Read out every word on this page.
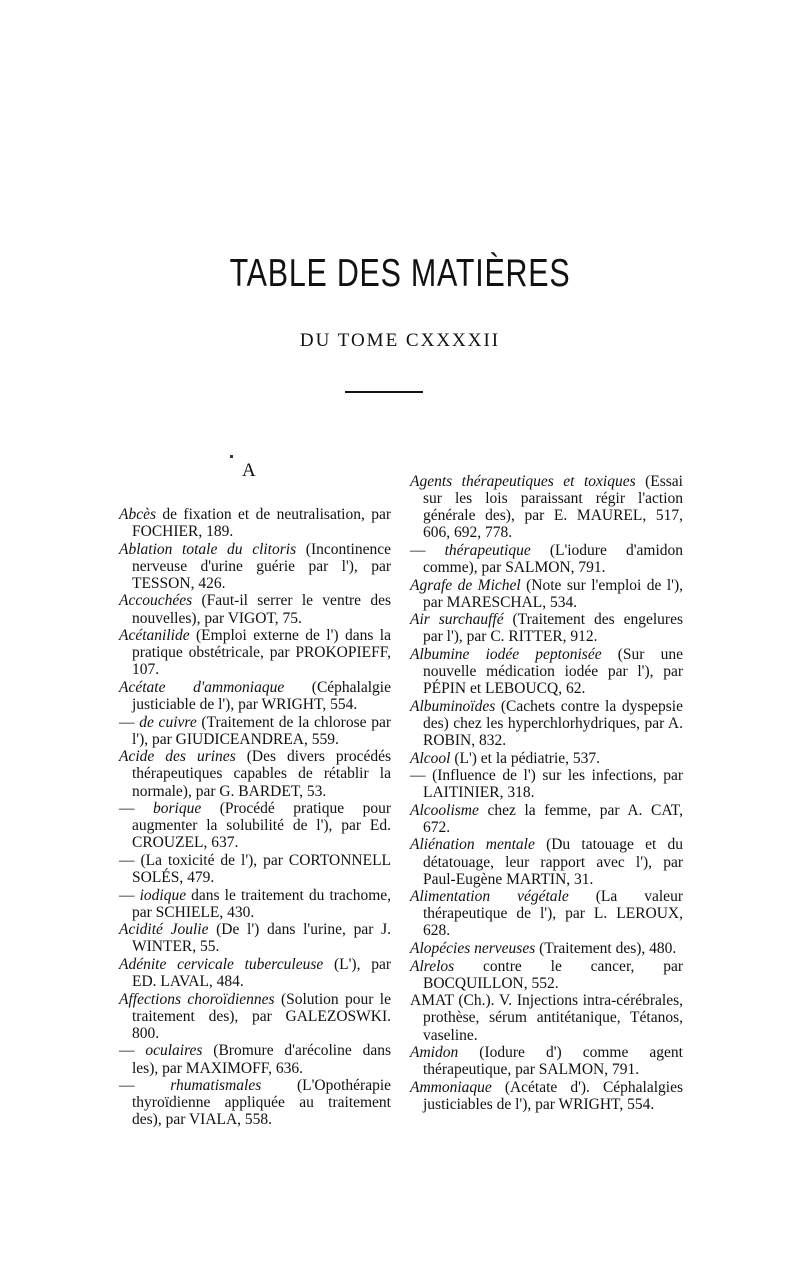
TABLE DES MATIÈRES
DU TOME CXXXXII
A

Abcès de fixation et de neutralisation, par FOCHIER, 189.

Ablation totale du clitoris (Incontinence nerveuse d'urine guérie par l'), par TESSON, 426.

Accouchées (Faut-il serrer le ventre des nouvelles), par VIGOT, 75.

Acétanilide (Emploi externe de l') dans la pratique obstétricale, par PROKOPIEFF, 107.

Acétate d'ammoniaque (Céphalalgie justiciable de l'), par WRIGHT, 554.

— de cuivre (Traitement de la chlorose par l'), par GIUDICEANDREA, 559.

Acide des urines (Des divers procédés thérapeutiques capables de rétablir la normale), par G. BARDET, 53.

— borique (Procédé pratique pour augmenter la solubilité de l'), par Ed. CROUZEL, 637.

— (La toxicité de l'), par CORTONNELL SOLÉS, 479.

— iodique dans le traitement du trachome, par SCHIELE, 430.

Acidité Joulie (De l') dans l'urine, par J. WINTER, 55.

Adénite cervicale tuberculeuse (L'), par ED. LAVAL, 484.

Affections choroïdiennes (Solution pour le traitement des), par GALEZOSWKI. 800.

— oculaires (Bromure d'arécoline dans les), par MAXIMOFF, 636.

— rhumatismales (L'Opothérapie thyroïdienne appliquée au traitement des), par VIALA, 558.

Agents thérapeutiques et toxiques (Essai sur les lois paraissant régir l'action générale des), par E. MAUREL, 517, 606, 692, 778.

— thérapeutique (L'iodure d'amidon comme), par SALMON, 791.

Agrafe de Michel (Note sur l'emploi de l'), par MARESCHAL, 534.

Air surchauffé (Traitement des engelures par l'), par C. RITTER, 912.

Albumine iodée peptonisée (Sur une nouvelle médication iodée par l'), par PÉPIN et LEBOUCQ, 62.

Albuminoïdes (Cachets contre la dyspepsie des) chez les hyperchlorhydriques, par A. ROBIN, 832.

Alcool (L') et la pédiatrie, 537.

— (Influence de l') sur les infections, par LAITINIER, 318.

Alcoolisme chez la femme, par A. CAT, 672.

Aliénation mentale (Du tatouage et du détatouage, leur rapport avec l'), par Paul-Eugène MARTIN, 31.

Alimentation végétale (La valeur thérapeutique de l'), par L. LEROUX, 628.

Alopécies nerveuses (Traitement des), 480.

Alrelos contre le cancer, par BOCQUILLON, 552.

AMAT (Ch.). V. Injections intra-cérébrales, prothèse, sérum antitétanique, Tétanos, vaseline.

Amidon (Iodure d') comme agent thérapeutique, par SALMON, 791.

Ammoniaque (Acétate d'). Céphalalgies justiciables de l'), par WRIGHT, 554.
